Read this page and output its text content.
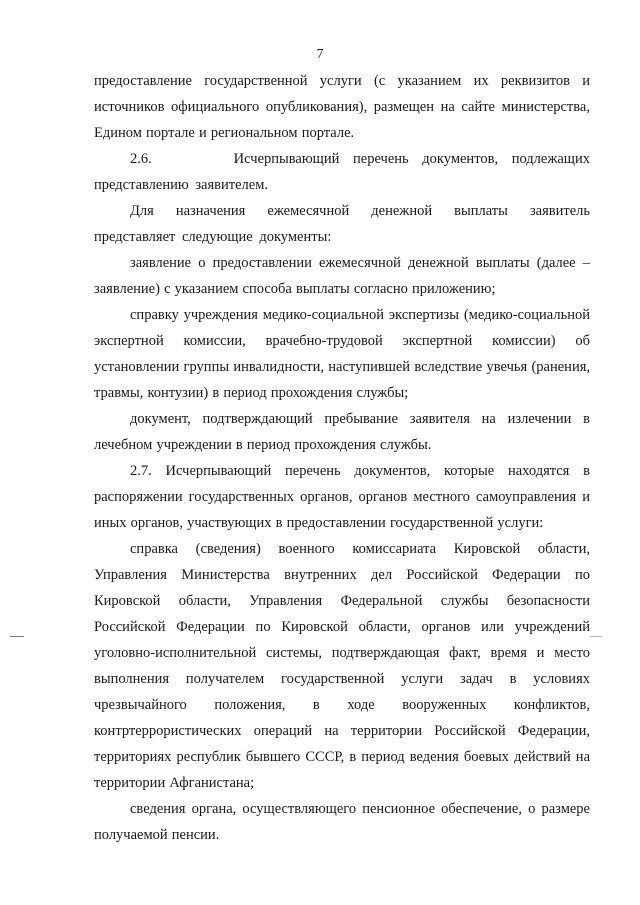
7

предоставление государственной услуги (с указанием их реквизитов и источников официального опубликования), размещен на сайте министерства, Едином портале и региональном портале.

2.6.      Исчерпывающий перечень документов, подлежащих представлению заявителем.

Для назначения ежемесячной денежной выплаты заявитель представляет следующие документы:

заявление о предоставлении ежемесячной денежной выплаты (далее – заявление) с указанием способа выплаты согласно приложению;

справку учреждения медико-социальной экспертизы (медико-социальной экспертной комиссии, врачебно-трудовой экспертной комиссии) об установлении группы инвалидности, наступившей вследствие увечья (ранения, травмы, контузии) в период прохождения службы;

документ, подтверждающий пребывание заявителя на излечении в лечебном учреждении в период прохождения службы.

2.7. Исчерпывающий перечень документов, которые находятся в распоряжении государственных органов, органов местного самоуправления и иных органов, участвующих в предоставлении государственной услуги:

справка (сведения) военного комиссариата Кировской области, Управления Министерства внутренних дел Российской Федерации по Кировской области, Управления Федеральной службы безопасности Российской Федерации по Кировской области, органов или учреждений уголовно-исполнительной системы, подтверждающая факт, время и место выполнения получателем государственной услуги задач в условиях чрезвычайного положения, в ходе вооруженных конфликтов, контртеррористических операций на территории Российской Федерации, территориях республик бывшего СССР, в период ведения боевых действий на территории Афганистана;

сведения органа, осуществляющего пенсионное обеспечение, о размере получаемой пенсии.
